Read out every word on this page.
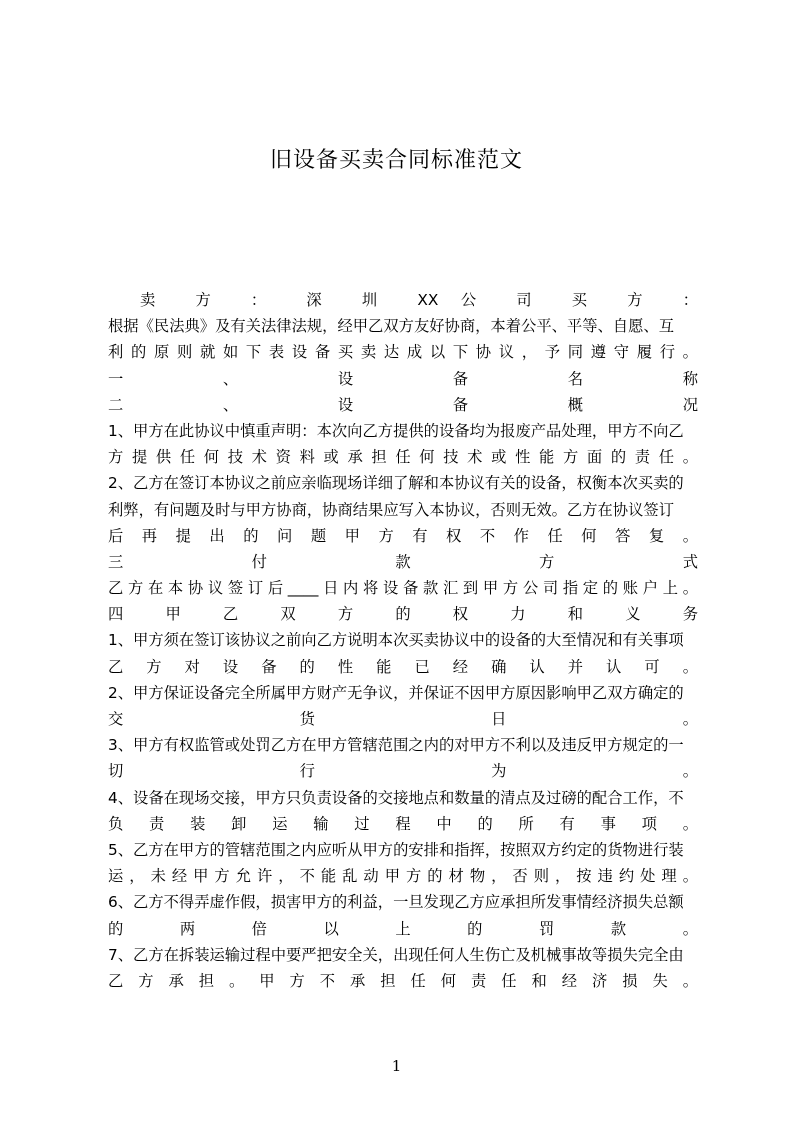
旧设备买卖合同标准范文
卖 方 ： 深 圳 XX 公 司 买 方 ：
根据《民法典》及有关法律法规，经甲乙双方友好协商，本着公平、平等、自愿、互
利 的 原 则 就 如 下 表 设 备 买 卖 达 成 以 下 协 议 ， 予 同 遵 守 履 行 。
一 、 设 备 名 称
二 、 设 备 概 况
1、甲方在此协议中慎重声明：本次向乙方提供的设备均为报废产品处理，甲方不向乙
方 提 供 任 何 技 术 资 料 或 承 担 任 何 技 术 或 性 能 方 面 的 责 任 。
2、乙方在签订本协议之前应亲临现场详细了解和本协议有关的设备，权衡本次买卖的
利弊，有问题及时与甲方协商，协商结果应写入本协议，否则无效。乙方在协议签订
后 再 提 出 的 问 题 甲 方 有 权 不 作 任 何 答 复 。
三 付 款 方 式
乙方在本协议签订后____日内将设备款汇到甲方公司指定的账户上。
四 甲 乙 双 方 的 权 力 和 义 务
1、甲方须在签订该协议之前向乙方说明本次买卖协议中的设备的大至情况和有关事项
乙 方 对 设 备 的 性 能 已 经 确 认 并 认 可 。
2、甲方保证设备完全所属甲方财产无争议，并保证不因甲方原因影响甲乙双方确定的
交 货 日 。
3、甲方有权监管或处罚乙方在甲方管辖范围之内的对甲方不利以及违反甲方规定的一
切 行 为 。
4、设备在现场交接，甲方只负责设备的交接地点和数量的清点及过磅的配合工作，不
负 责 装 卸 运 输 过 程 中 的 所 有 事 项 。
5、乙方在甲方的管辖范围之内应听从甲方的安排和指挥，按照双方约定的货物进行装
运 ， 未 经 甲 方 允 许 ， 不 能 乱 动 甲 方 的 材 物 ， 否 则 ， 按 违 约 处 理 。
6、乙方不得弄虚作假，损害甲方的利益，一旦发现乙方应承担所发事情经济损失总额
的 两 倍 以 上 的 罚 款 。
7、乙方在拆装运输过程中要严把安全关，出现任何人生伤亡及机械事故等损失完全由
乙 方 承 担 。 甲 方 不 承 担 任 何 责 任 和 经 济 损 失 。
1
